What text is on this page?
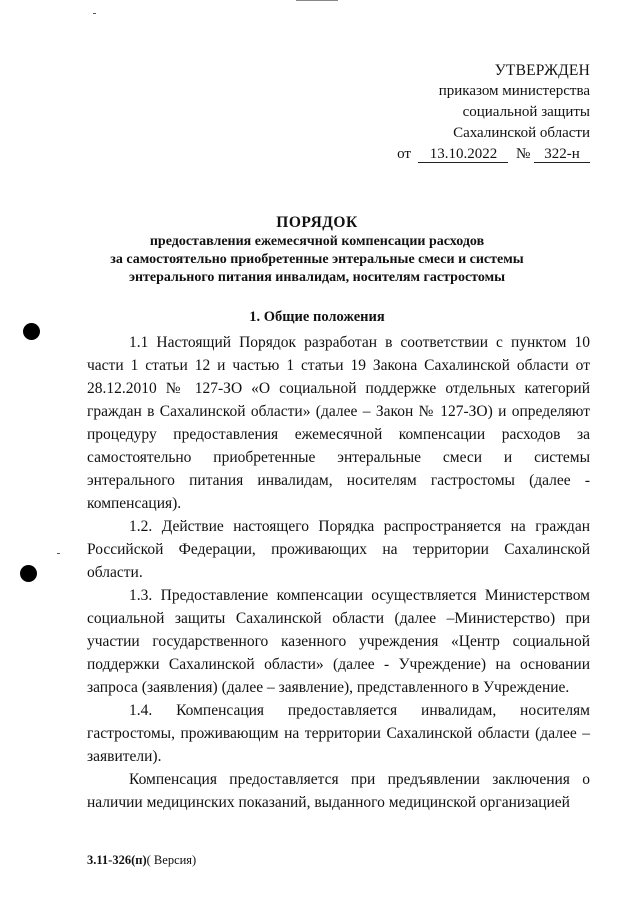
УТВЕРЖДЕН
приказом министерства
социальной защиты
Сахалинской области
от 13.10.2022 № 322-н
ПОРЯДОК
предоставления ежемесячной компенсации расходов
за самостоятельно приобретенные энтеральные смеси и системы
энтерального питания инвалидам, носителям гастростомы
1. Общие положения

1.1 Настоящий Порядок разработан в соответствии с пунктом 10 части 1 статьи 12 и частью 1 статьи 19 Закона Сахалинской области от 28.12.2010 № 127-ЗО «О социальной поддержке отдельных категорий граждан в Сахалинской области» (далее – Закон № 127-ЗО) и определяют процедуру предоставления ежемесячной компенсации расходов за самостоятельно приобретенные энтеральные смеси и системы энтерального питания инвалидам, носителям гастростомы (далее - компенсация).

1.2. Действие настоящего Порядка распространяется на граждан Российской Федерации, проживающих на территории Сахалинской области.

1.3. Предоставление компенсации осуществляется Министерством социальной защиты Сахалинской области (далее –Министерство) при участии государственного казенного учреждения «Центр социальной поддержки Сахалинской области» (далее - Учреждение) на основании запроса (заявления) (далее – заявление), представленного в Учреждение.

1.4. Компенсация предоставляется инвалидам, носителям гастростомы, проживающим на территории Сахалинской области (далее – заявители).

Компенсация предоставляется при предъявлении заключения о наличии медицинских показаний, выданного медицинской организацией

3.11-326(п)( Версия)
